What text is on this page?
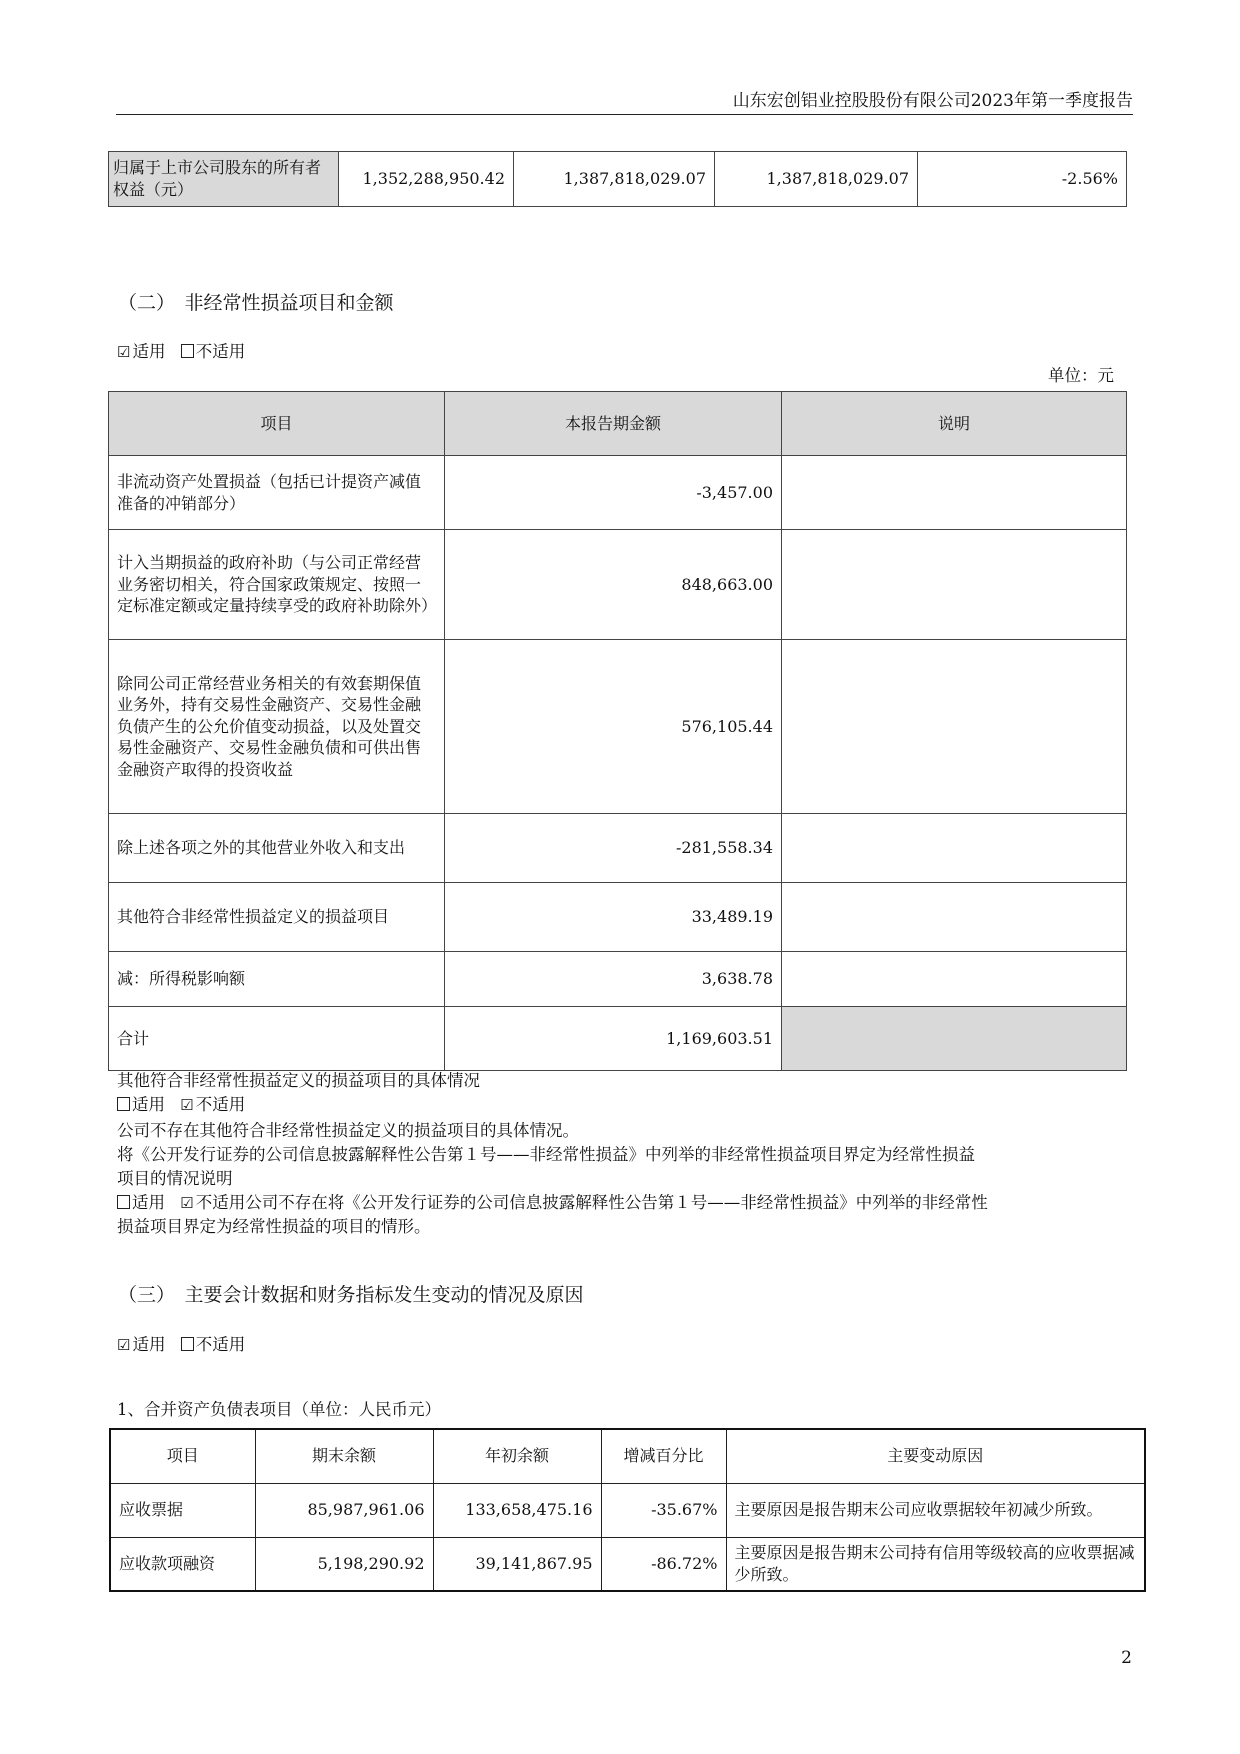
山东宏创铝业控股股份有限公司2023年第一季度报告
归属于上市公司股东的所有者权益（元）	1,352,288,950.42	1,387,818,029.07	1,387,818,029.07	-2.56%
（二）　非经常性损益项目和金额
☑ 适用 不适用
单位：元
项目	本报告期金额	说明
非流动资产处置损益（包括已计提资产减值准备的冲销部分）	-3,457.00	
计入当期损益的政府补助（与公司正常经营业务密切相关，符合国家政策规定、按照一定标准定额或定量持续享受的政府补助除外）	848,663.00	
除同公司正常经营业务相关的有效套期保值业务外，持有交易性金融资产、交易性金融负债产生的公允价值变动损益，以及处置交易性金融资产、交易性金融负债和可供出售金融资产取得的投资收益	576,105.44	
除上述各项之外的其他营业外收入和支出	-281,558.34	
其他符合非经常性损益定义的损益项目	33,489.19	
减：所得税影响额	3,638.78	
合计	1,169,603.51	
其他符合非经常性损益定义的损益项目的具体情况
适用 ☑ 不适用
公司不存在其他符合非经常性损益定义的损益项目的具体情况。
将《公开发行证券的公司信息披露解释性公告第１号——非经常性损益》中列举的非经常性损益项目界定为经常性损益
项目的情况说明
适用 ☑ 不适用公司不存在将《公开发行证券的公司信息披露解释性公告第１号——非经常性损益》中列举的非经常性
损益项目界定为经常性损益的项目的情形。
（三）　主要会计数据和财务指标发生变动的情况及原因
☑ 适用 不适用
1、合并资产负债表项目（单位：人民币元）
项目	期末余额	年初余额	增减百分比	主要变动原因
应收票据	85,987,961.06	133,658,475.16	-35.67%	主要原因是报告期末公司应收票据较年初减少所致。
应收款项融资	5,198,290.92	39,141,867.95	-86.72%	主要原因是报告期末公司持有信用等级较高的应收票据减少所致。
2
